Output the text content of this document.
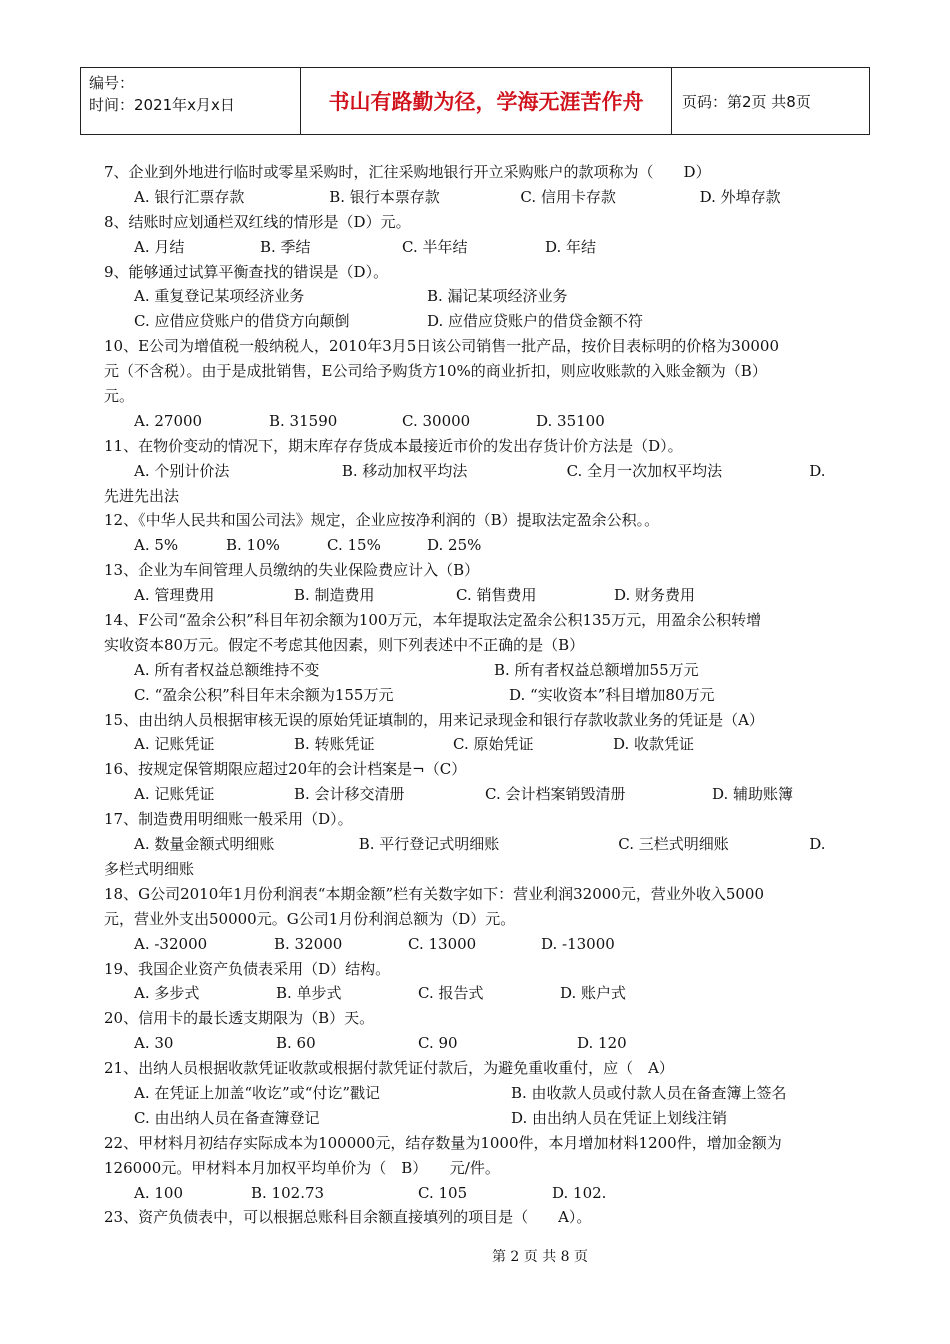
编号：
时间：2021年x月x日	书山有路勤为径，学海无涯苦作舟	页码：第2页 共8页
7、企业到外地进行临时或零星采购时，汇往采购地银行开立采购账户的款项称为（　　D）
A. 银行汇票存款	B. 银行本票存款	C. 信用卡存款	D. 外埠存款
8、结账时应划通栏双红线的情形是（D）元。
A. 月结	B. 季结	C. 半年结	D. 年结
9、能够通过试算平衡查找的错误是（D）。
A. 重复登记某项经济业务	B. 漏记某项经济业务
C. 应借应贷账户的借贷方向颠倒	D. 应借应贷账户的借贷金额不符
10、E公司为增值税一般纳税人，2010年3月5日该公司销售一批产品，按价目表标明的价格为30000
元（不含税）。由于是成批销售，E公司给予购货方10%的商业折扣，则应收账款的入账金额为（B）
元。
A. 27000	B. 31590	C. 30000	D. 35100
11、在物价变动的情况下，期末库存存货成本最接近市价的发出存货计价方法是（D）。
A. 个别计价法	B. 移动加权平均法	C. 全月一次加权平均法	D.
先进先出法
12、《中华人民共和国公司法》规定，企业应按净利润的（B）提取法定盈余公积。。
A. 5%	B. 10%	C. 15%	D. 25%
13、企业为车间管理人员缴纳的失业保险费应计入（B）
A. 管理费用	B. 制造费用	C. 销售费用	D. 财务费用
14、F公司“盈余公积”科目年初余额为100万元，本年提取法定盈余公积135万元，用盈余公积转增
实收资本80万元。假定不考虑其他因素，则下列表述中不正确的是（B）
A. 所有者权益总额维持不变	B. 所有者权益总额增加55万元
C. “盈余公积”科目年末余额为155万元	D. “实收资本”科目增加80万元
15、由出纳人员根据审核无误的原始凭证填制的，用来记录现金和银行存款收款业务的凭证是（A）
A. 记账凭证	B. 转账凭证	C. 原始凭证	D. 收款凭证
16、按规定保管期限应超过20年的会计档案是¬（C）
A. 记账凭证	B. 会计移交清册	C. 会计档案销毁清册	D. 辅助账簿
17、制造费用明细账一般采用（D）。
A. 数量金额式明细账	B. 平行登记式明细账	C. 三栏式明细账	D.
多栏式明细账
18、G公司2010年1月份利润表“本期金额”栏有关数字如下：营业利润32000元，营业外收入5000
元，营业外支出50000元。G公司1月份利润总额为（D）元。
A. -32000	B. 32000	C. 13000	D. -13000
19、我国企业资产负债表采用（D）结构。
A. 多步式	B. 单步式	C. 报告式	D. 账户式
20、信用卡的最长透支期限为（B）天。
A. 30	B. 60	C. 90	D. 120
21、出纳人员根据收款凭证收款或根据付款凭证付款后，为避免重收重付，应（　A）
A. 在凭证上加盖“收讫”或“付讫”戳记	B. 由收款人员或付款人员在备查簿上签名
C. 由出纳人员在备查簿登记	D. 由出纳人员在凭证上划线注销
22、甲材料月初结存实际成本为100000元，结存数量为1000件，本月增加材料1200件，增加金额为
126000元。甲材料本月加权平均单价为（　B）　　元/件。
A. 100	B. 102.73	C. 105	D. 102.
23、资产负债表中，可以根据总账科目余额直接填列的项目是（　　A）。
第 2 页 共 8 页
